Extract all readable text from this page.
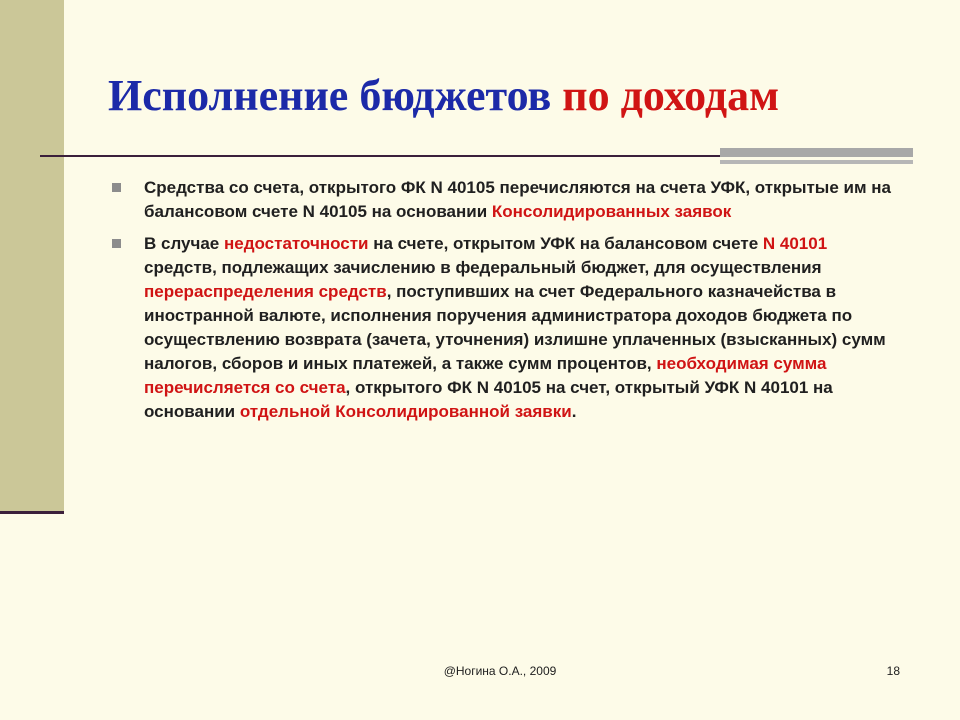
Исполнение бюджетов по доходам
Средства со счета, открытого ФК N 40105 перечисляются на счета УФК, открытые им на балансовом счете N 40105 на основании Консолидированных заявок
В случае недостаточности на счете, открытом УФК на балансовом счете N 40101 средств, подлежащих зачислению в федеральный бюджет, для осуществления перераспределения средств, поступивших на счет Федерального казначейства в иностранной валюте, исполнения поручения администратора доходов бюджета по осуществлению возврата (зачета, уточнения) излишне уплаченных (взысканных) сумм налогов, сборов и иных платежей, а также сумм процентов, необходимая сумма перечисляется со счета, открытого ФК N 40105 на счет, открытый УФК N 40101 на основании отдельной Консолидированной заявки.
@Ногина О.А., 2009	18
